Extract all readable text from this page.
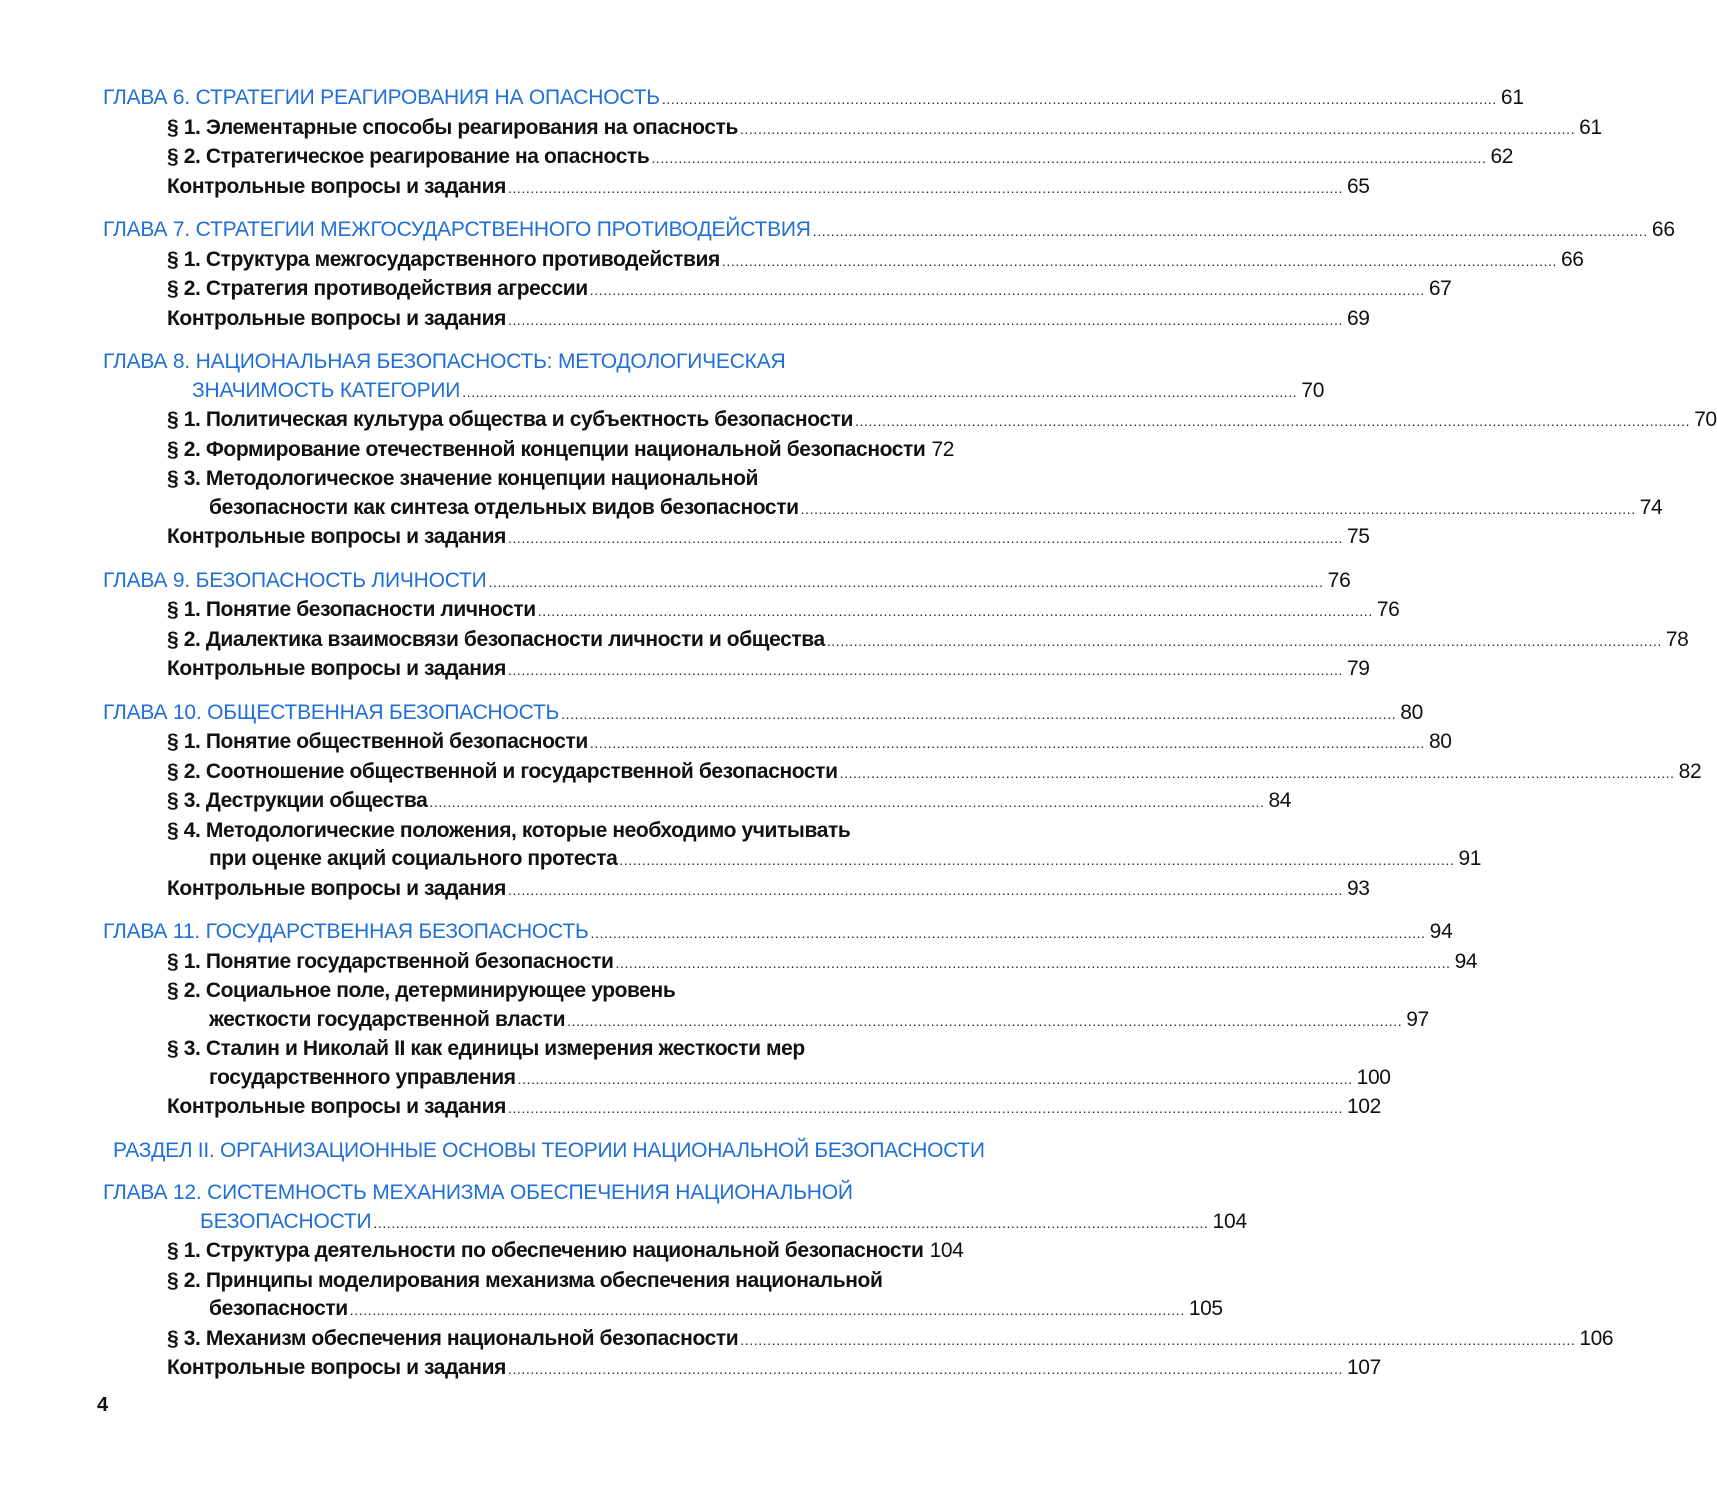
ГЛАВА 6. СТРАТЕГИИ РЕАГИРОВАНИЯ НА ОПАСНОСТЬ .......................................................................................................................................................................................... 61
§ 1. Элементарные способы реагирования на опасность .......................................................................................................................................................................................... 61
§ 2. Стратегическое реагирование на опасность .......................................................................................................................................................................................... 62
Контрольные вопросы и задания .......................................................................................................................................................................................... 65
ГЛАВА 7. СТРАТЕГИИ МЕЖГОСУДАРСТВЕННОГО ПРОТИВОДЕЙСТВИЯ .......................................................................................................................................................................................... 66
§ 1. Структура межгосударственного противодействия .......................................................................................................................................................................................... 66
§ 2. Стратегия противодействия агрессии .......................................................................................................................................................................................... 67
Контрольные вопросы и задания .......................................................................................................................................................................................... 69
ГЛАВА 8. НАЦИОНАЛЬНАЯ БЕЗОПАСНОСТЬ: МЕТОДОЛОГИЧЕСКАЯ
ЗНАЧИМОСТЬ КАТЕГОРИИ .......................................................................................................................................................................................... 70
§ 1. Политическая культура общества и субъектность безопасности .......................................................................................................................................................................................... 70
§ 2. Формирование отечественной концепции национальной безопасности 72
§ 3. Методологическое значение концепции национальной
безопасности как синтеза отдельных видов безопасности .......................................................................................................................................................................................... 74
Контрольные вопросы и задания .......................................................................................................................................................................................... 75
ГЛАВА 9. БЕЗОПАСНОСТЬ ЛИЧНОСТИ .......................................................................................................................................................................................... 76
§ 1. Понятие безопасности личности .......................................................................................................................................................................................... 76
§ 2. Диалектика взаимосвязи безопасности личности и общества .......................................................................................................................................................................................... 78
Контрольные вопросы и задания .......................................................................................................................................................................................... 79
ГЛАВА 10. ОБЩЕСТВЕННАЯ БЕЗОПАСНОСТЬ .......................................................................................................................................................................................... 80
§ 1. Понятие общественной безопасности .......................................................................................................................................................................................... 80
§ 2. Соотношение общественной и государственной безопасности .......................................................................................................................................................................................... 82
§ 3. Деструкции общества .......................................................................................................................................................................................... 84
§ 4. Методологические положения, которые необходимо учитывать
при оценке акций социального протеста .......................................................................................................................................................................................... 91
Контрольные вопросы и задания .......................................................................................................................................................................................... 93
ГЛАВА 11. ГОСУДАРСТВЕННАЯ БЕЗОПАСНОСТЬ .......................................................................................................................................................................................... 94
§ 1. Понятие государственной безопасности .......................................................................................................................................................................................... 94
§ 2. Социальное поле, детерминирующее уровень
жесткости государственной власти .......................................................................................................................................................................................... 97
§ 3. Сталин и Николай II как единицы измерения жесткости мер
государственного управления .......................................................................................................................................................................................... 100
Контрольные вопросы и задания .......................................................................................................................................................................................... 102
РАЗДЕЛ II. ОРГАНИЗАЦИОННЫЕ ОСНОВЫ ТЕОРИИ НАЦИОНАЛЬНОЙ БЕЗОПАСНОСТИ
ГЛАВА 12. СИСТЕМНОСТЬ МЕХАНИЗМА ОБЕСПЕЧЕНИЯ НАЦИОНАЛЬНОЙ
БЕЗОПАСНОСТИ .......................................................................................................................................................................................... 104
§ 1. Структура деятельности по обеспечению национальной безопасности 104
§ 2. Принципы моделирования механизма обеспечения национальной
безопасности .......................................................................................................................................................................................... 105
§ 3. Механизм обеспечения национальной безопасности .......................................................................................................................................................................................... 106
Контрольные вопросы и задания .......................................................................................................................................................................................... 107
4
